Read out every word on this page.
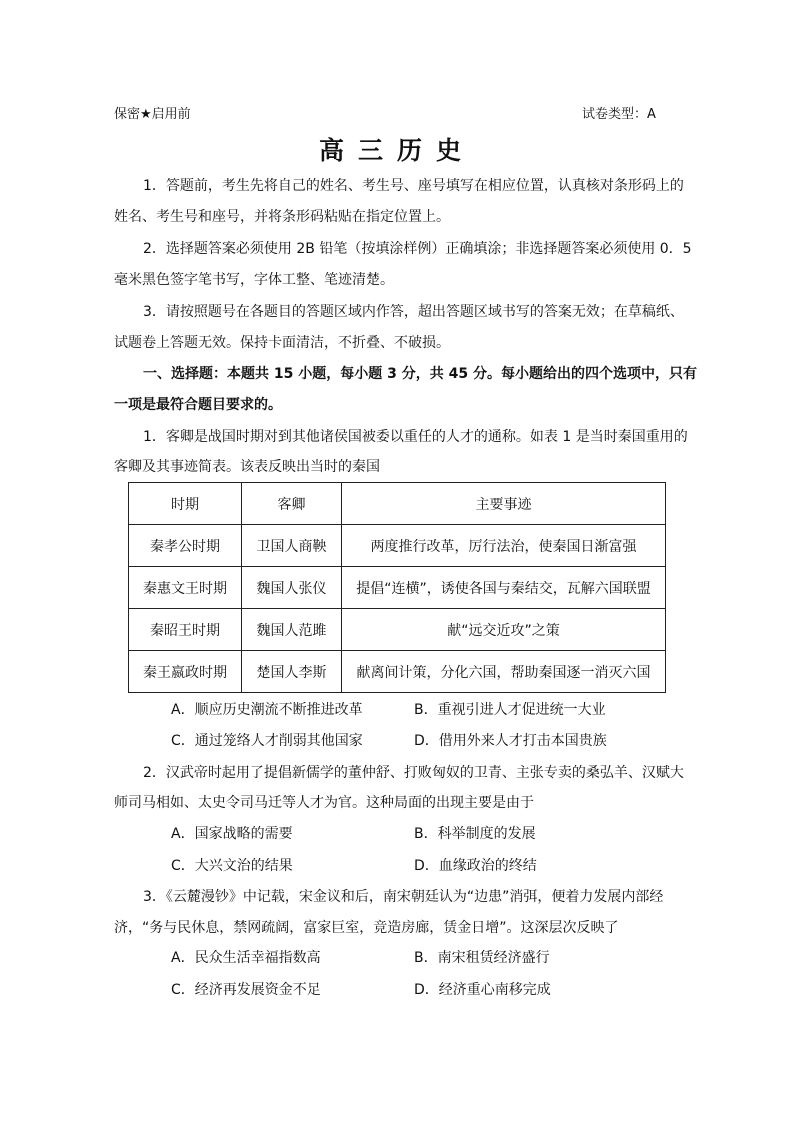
保密★启用前	试卷类型：A
高三历史
1．答题前，考生先将自己的姓名、考生号、座号填写在相应位置，认真核对条形码上的
姓名、考生号和座号，并将条形码粘贴在指定位置上。
2．选择题答案必须使用 2B 铅笔（按填涂样例）正确填涂；非选择题答案必须使用 0．5
毫米黑色签字笔书写，字体工整、笔迹清楚。
3．请按照题号在各题目的答题区域内作答，超出答题区域书写的答案无效；在草稿纸、
试题卷上答题无效。保持卡面清洁，不折叠、不破损。
一、选择题：本题共 15 小题，每小题 3 分，共 45 分。每小题给出的四个选项中，只有
一项是最符合题目要求的。
1．客卿是战国时期对到其他诸侯国被委以重任的人才的通称。如表 1 是当时秦国重用的
客卿及其事迹简表。该表反映出当时的秦国
时期	客卿	主要事迹
秦孝公时期	卫国人商鞅	两度推行改革，厉行法治，使秦国日渐富强
秦惠文王时期	魏国人张仪	提倡“连横”，诱使各国与秦结交，瓦解六国联盟
秦昭王时期	魏国人范雎	献“远交近攻”之策
秦王嬴政时期	楚国人李斯	献离间计策，分化六国，帮助秦国逐一消灭六国
A．顺应历史潮流不断推进改革	B．重视引进人才促进统一大业
C．通过笼络人才削弱其他国家	D．借用外来人才打击本国贵族
2．汉武帝时起用了提倡新儒学的董仲舒、打败匈奴的卫青、主张专卖的桑弘羊、汉赋大
师司马相如、太史令司马迁等人才为官。这种局面的出现主要是由于
A．国家战略的需要	B．科举制度的发展
C．大兴文治的结果	D．血缘政治的终结
3．《云麓漫钞》中记载，宋金议和后，南宋朝廷认为“边患”消弭，便着力发展内部经
济，“务与民休息，禁网疏阔，富家巨室，竞造房廊，赁金日增”。这深层次反映了
A．民众生活幸福指数高	B．南宋租赁经济盛行
C．经济再发展资金不足	D．经济重心南移完成
